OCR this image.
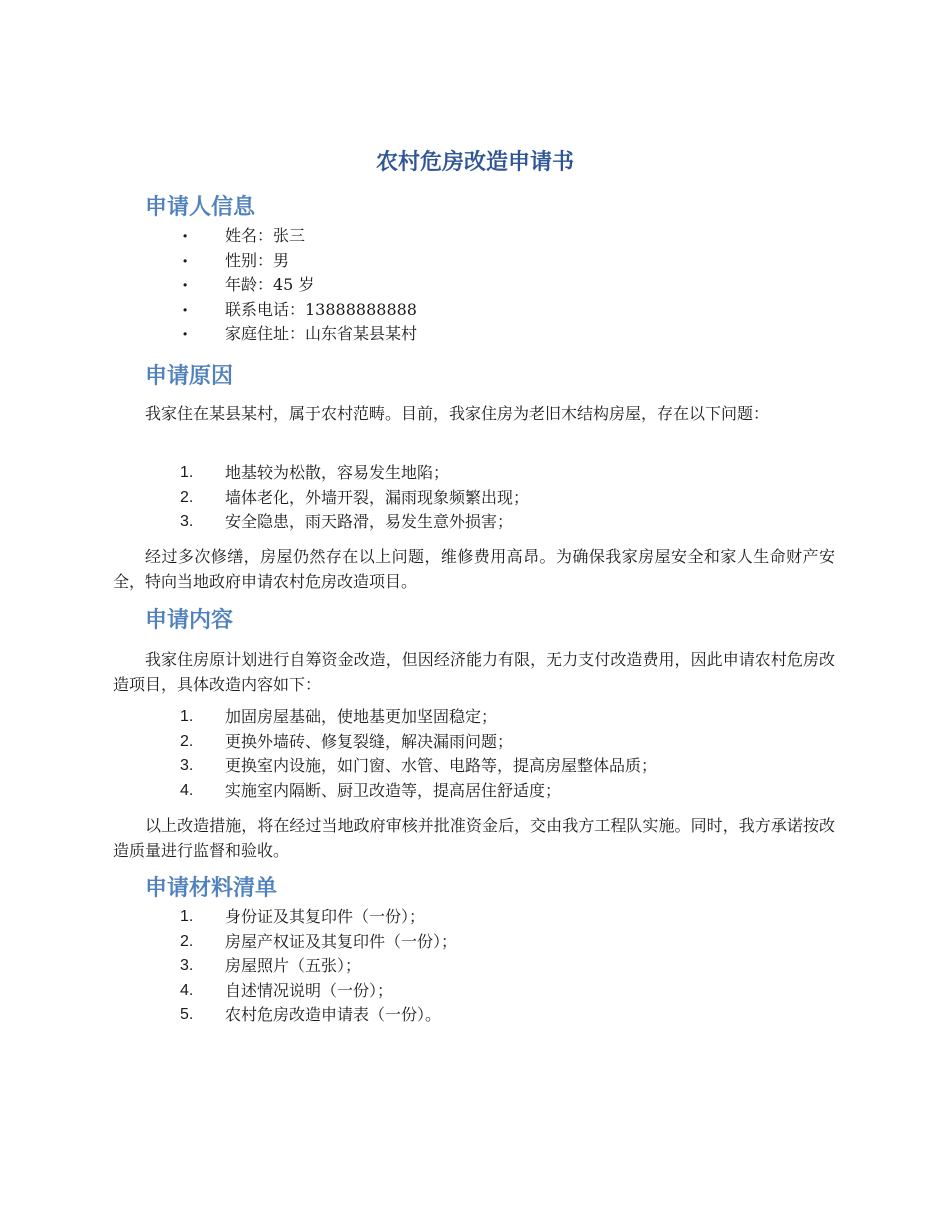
农村危房改造申请书
申请人信息
• 姓名：张三
• 性别：男
• 年龄：45 岁
• 联系电话：13888888888
• 家庭住址：山东省某县某村
申请原因

我家住在某县某村，属于农村范畴。目前，我家住房为老旧木结构房屋，存在以下问题：

1. 地基较为松散，容易发生地陷；
2. 墙体老化，外墙开裂，漏雨现象频繁出现；
3. 安全隐患，雨天路滑，易发生意外损害；

经过多次修缮，房屋仍然存在以上问题，维修费用高昂。为确保我家房屋安全和家人生命财产安全，特向当地政府申请农村危房改造项目。

申请内容

我家住房原计划进行自筹资金改造，但因经济能力有限，无力支付改造费用，因此申请农村危房改造项目，具体改造内容如下：

1. 加固房屋基础，使地基更加坚固稳定；
2. 更换外墙砖、修复裂缝，解决漏雨问题；
3. 更换室内设施，如门窗、水管、电路等，提高房屋整体品质；
4. 实施室内隔断、厨卫改造等，提高居住舒适度；

以上改造措施，将在经过当地政府审核并批准资金后，交由我方工程队实施。同时，我方承诺按改造质量进行监督和验收。

申请材料清单
1. 身份证及其复印件（一份）；
2. 房屋产权证及其复印件（一份）；
3. 房屋照片（五张）；
4. 自述情况说明（一份）；
5. 农村危房改造申请表（一份）。
